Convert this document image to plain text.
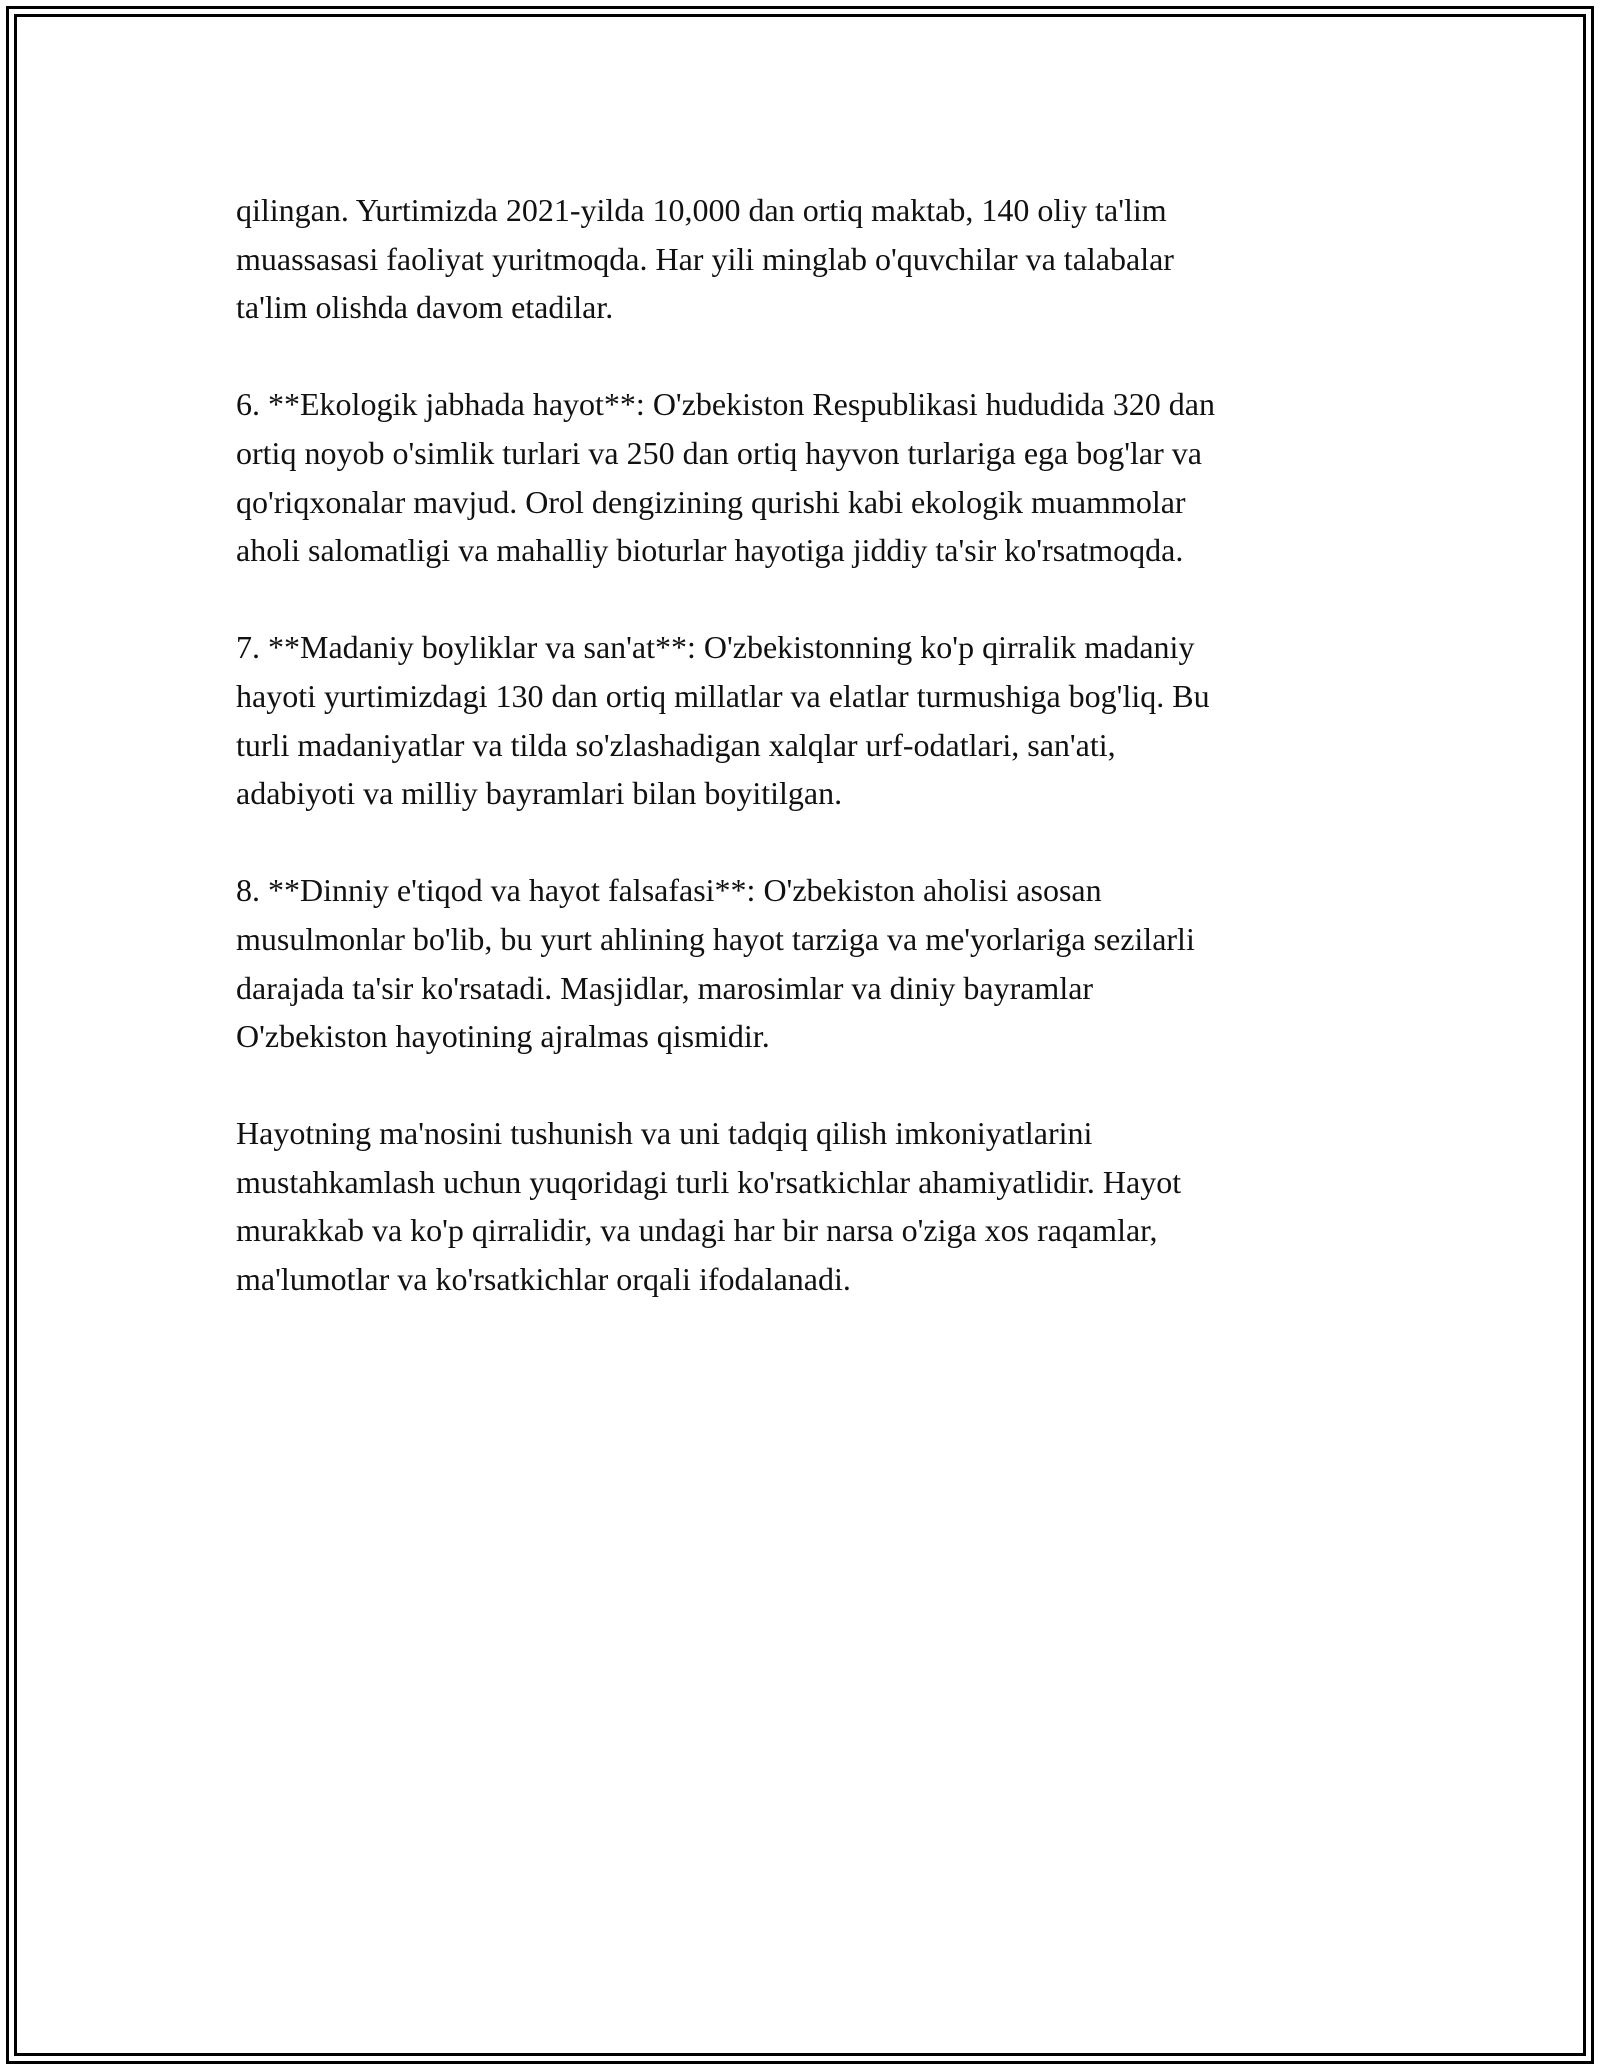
qilingan. Yurtimizda 2021-yilda 10,000 dan ortiq maktab, 140 oliy ta'lim
muassasasi faoliyat yuritmoqda. Har yili minglab o'quvchilar va talabalar
ta'lim olishda davom etadilar.

6. **Ekologik jabhada hayot**: O'zbekiston Respublikasi hududida 320 dan
ortiq noyob o'simlik turlari va 250 dan ortiq hayvon turlariga ega bog'lar va
qo'riqxonalar mavjud. Orol dengizining qurishi kabi ekologik muammolar
aholi salomatligi va mahalliy bioturlar hayotiga jiddiy ta'sir ko'rsatmoqda.

7. **Madaniy boyliklar va san'at**: O'zbekistonning ko'p qirralik madaniy
hayoti yurtimizdagi 130 dan ortiq millatlar va elatlar turmushiga bog'liq. Bu
turli madaniyatlar va tilda so'zlashadigan xalqlar urf-odatlari, san'ati,
adabiyoti va milliy bayramlari bilan boyitilgan.

8. **Dinniy e'tiqod va hayot falsafasi**: O'zbekiston aholisi asosan
musulmonlar bo'lib, bu yurt ahlining hayot tarziga va me'yorlariga sezilarli
darajada ta'sir ko'rsatadi. Masjidlar, marosimlar va diniy bayramlar
O'zbekiston hayotining ajralmas qismidir.

Hayotning ma'nosini tushunish va uni tadqiq qilish imkoniyatlarini
mustahkamlash uchun yuqoridagi turli ko'rsatkichlar ahamiyatlidir. Hayot
murakkab va ko'p qirralidir, va undagi har bir narsa o'ziga xos raqamlar,
ma'lumotlar va ko'rsatkichlar orqali ifodalanadi.
